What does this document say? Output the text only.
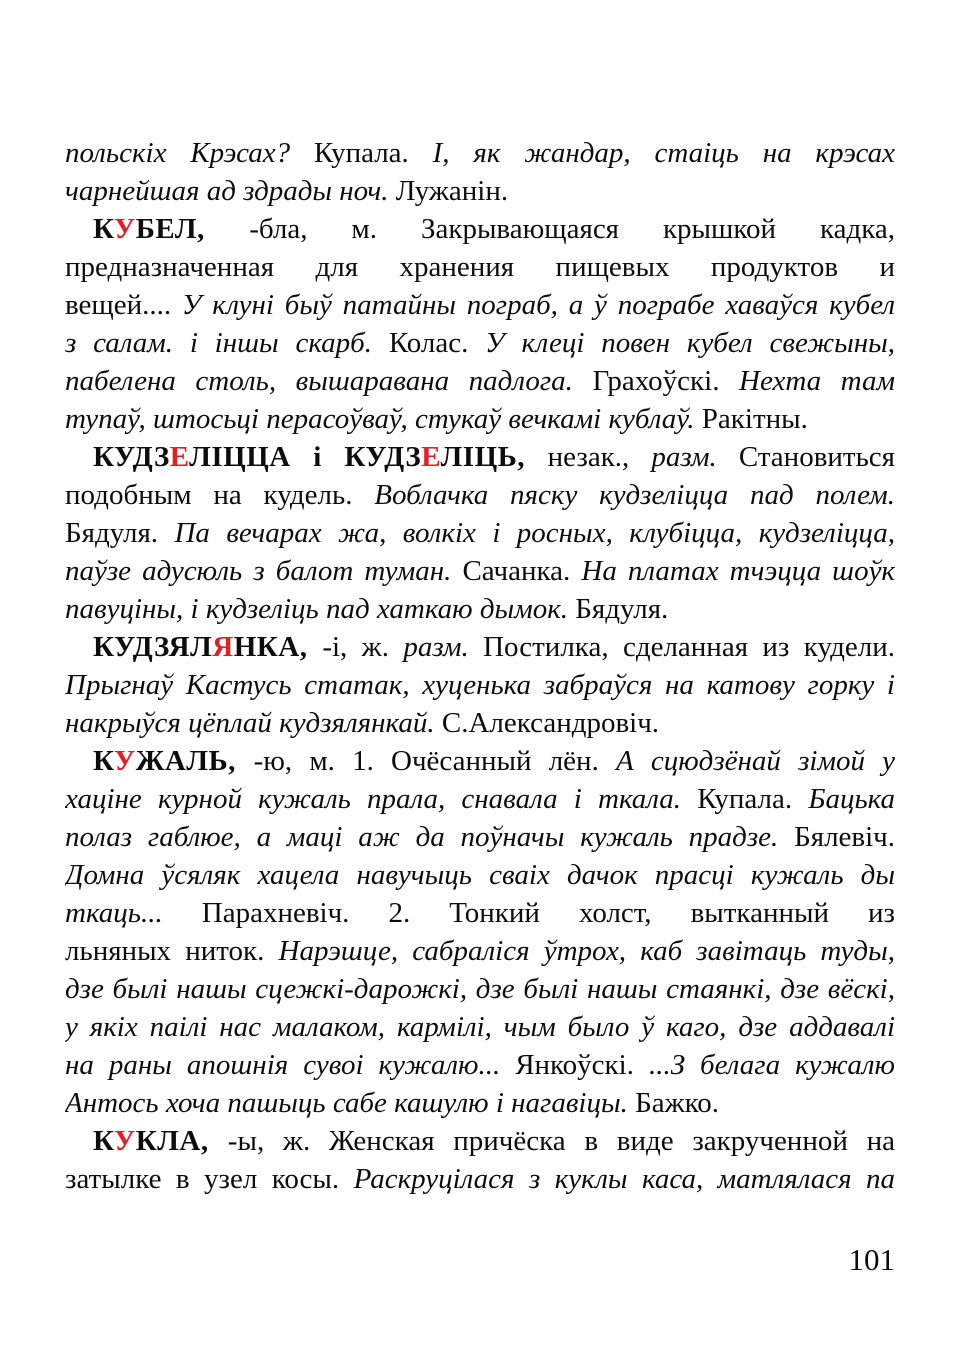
польскіх Крэсах? Купала. І, як жандар, стаіць на крэсах
чарнейшая ад здрады ноч. Лужанін.
КУБЕЛ, -бла, м. Закрывающаяся крышкой кадка,
предназначенная для хранения пищевых продуктов и
вещей.... У клуні быў патайны пограб, а ў пограбе хаваўся кубел
з салам. і іншы скарб. Колас. У клеці повен кубел свежыны,
пабелена столь, вышаравана падлога. Грахоўскі. Нехта там
тупаў, штосьці перасоўваў, стукаў вечкамі кублаў. Ракітны.
КУДЗЕЛІЦЦА і КУДЗЕЛІЦЬ, незак., разм. Становиться
подобным на кудель. Воблачка пяску кудзеліцца пад полем.
Бядуля. Па вечарах жа, волкіх і росных, клубіцца, кудзеліцца,
паўзе адусюль з балот туман. Сачанка. На платах тчэцца шоўк
павуціны, і кудзеліць пад хаткаю дымок. Бядуля.
КУДЗЯЛЯНКА, -і, ж. разм. Постилка, сделанная из кудели.
Прыгнаў Кастусь статак, хуценька забраўся на катову горку і
накрыўся цёплай кудзялянкай. С.Александровіч.
КУЖАЛЬ, -ю, м. 1. Очёсанный лён. А сцюдзёнай зімой у
хаціне курной кужаль прала, снавала і ткала. Купала. Бацька
полаз габлюе, а маці аж да поўначы кужаль прадзе. Бялевіч.
Домна ўсяляк хацела навучыць сваіх дачок прасці кужаль ды
ткаць... Парахневіч. 2. Тонкий холст, вытканный из
льняных ниток. Нарэшце, сабраліся ўтрох, каб завітаць туды,
дзе былі нашы сцежкі-дарожкі, дзе былі нашы стаянкі, дзе вёскі,
у якіх паілі нас малаком, кармілі, чым было ў каго, дзе аддавалі
на раны апошнія сувоі кужалю... Янкоўскі. ...З белага кужалю
Антось хоча пашыць сабе кашулю і нагавіцы. Бажко.
КУКЛА, -ы, ж. Женская причёска в виде закрученной на
затылке в узел косы. Раскруцілася з куклы каса, матлялася па
101
